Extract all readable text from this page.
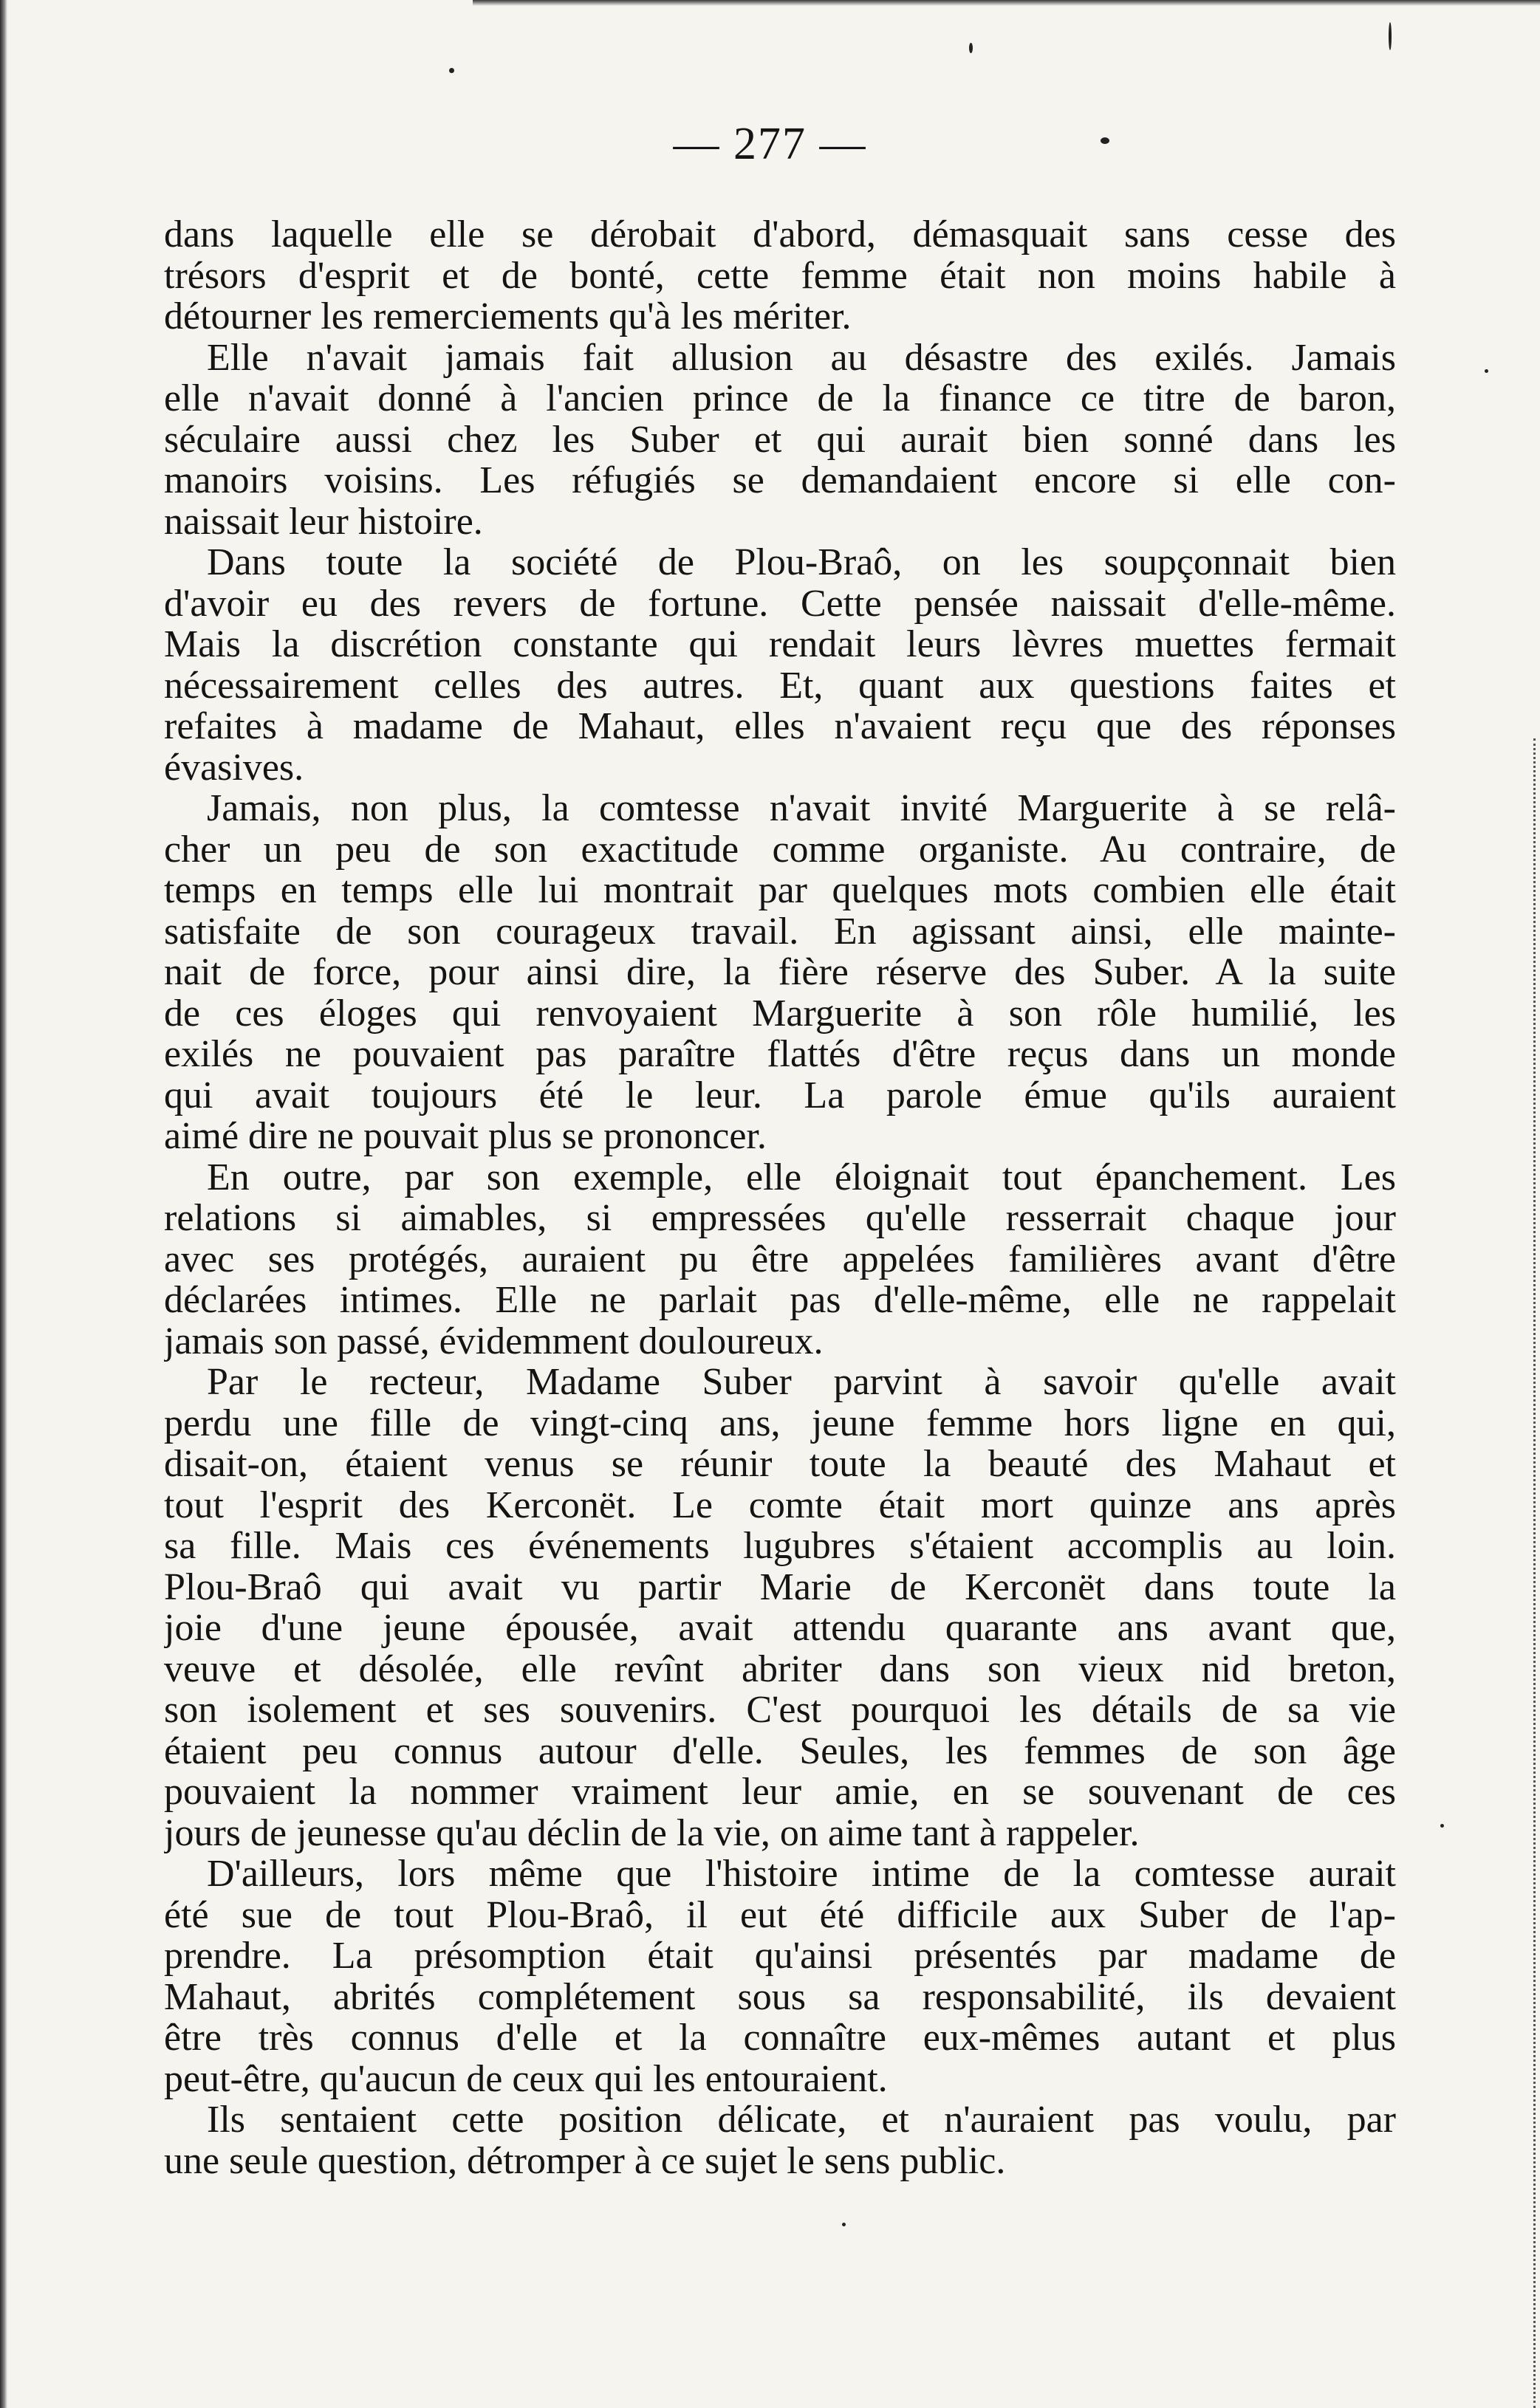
— 277 —

dans laquelle elle se dérobait d'abord, démasquait sans cesse des
trésors d'esprit et de bonté, cette femme était non moins habile à
détourner les remerciements qu'à les mériter.

Elle n'avait jamais fait allusion au désastre des exilés. Jamais
elle n'avait donné à l'ancien prince de la finance ce titre de baron,
séculaire aussi chez les Suber et qui aurait bien sonné dans les
manoirs voisins. Les réfugiés se demandaient encore si elle con-
naissait leur histoire.

Dans toute la société de Plou-Braô, on les soupçonnait bien
d'avoir eu des revers de fortune. Cette pensée naissait d'elle-même.
Mais la discrétion constante qui rendait leurs lèvres muettes fermait
nécessairement celles des autres. Et, quant aux questions faites et
refaites à madame de Mahaut, elles n'avaient reçu que des réponses
évasives.

Jamais, non plus, la comtesse n'avait invité Marguerite à se relâ-
cher un peu de son exactitude comme organiste. Au contraire, de
temps en temps elle lui montrait par quelques mots combien elle était
satisfaite de son courageux travail. En agissant ainsi, elle mainte-
nait de force, pour ainsi dire, la fière réserve des Suber. A la suite
de ces éloges qui renvoyaient Marguerite à son rôle humilié, les
exilés ne pouvaient pas paraître flattés d'être reçus dans un monde
qui avait toujours été le leur. La parole émue qu'ils auraient
aimé dire ne pouvait plus se prononcer.

En outre, par son exemple, elle éloignait tout épanchement. Les
relations si aimables, si empressées qu'elle resserrait chaque jour
avec ses protégés, auraient pu être appelées familières avant d'être
déclarées intimes. Elle ne parlait pas d'elle-même, elle ne rappelait
jamais son passé, évidemment douloureux.

Par le recteur, Madame Suber parvint à savoir qu'elle avait
perdu une fille de vingt-cinq ans, jeune femme hors ligne en qui,
disait-on, étaient venus se réunir toute la beauté des Mahaut et
tout l'esprit des Kerconët. Le comte était mort quinze ans après
sa fille. Mais ces événements lugubres s'étaient accomplis au loin.
Plou-Braô qui avait vu partir Marie de Kerconët dans toute la
joie d'une jeune épousée, avait attendu quarante ans avant que,
veuve et désolée, elle revînt abriter dans son vieux nid breton,
son isolement et ses souvenirs. C'est pourquoi les détails de sa vie
étaient peu connus autour d'elle. Seules, les femmes de son âge
pouvaient la nommer vraiment leur amie, en se souvenant de ces
jours de jeunesse qu'au déclin de la vie, on aime tant à rappeler.

D'ailleurs, lors même que l'histoire intime de la comtesse aurait
été sue de tout Plou-Braô, il eut été difficile aux Suber de l'ap-
prendre. La présomption était qu'ainsi présentés par madame de
Mahaut, abrités complétement sous sa responsabilité, ils devaient
être très connus d'elle et la connaître eux-mêmes autant et plus
peut-être, qu'aucun de ceux qui les entouraient.

Ils sentaient cette position délicate, et n'auraient pas voulu, par
une seule question, détromper à ce sujet le sens public.
